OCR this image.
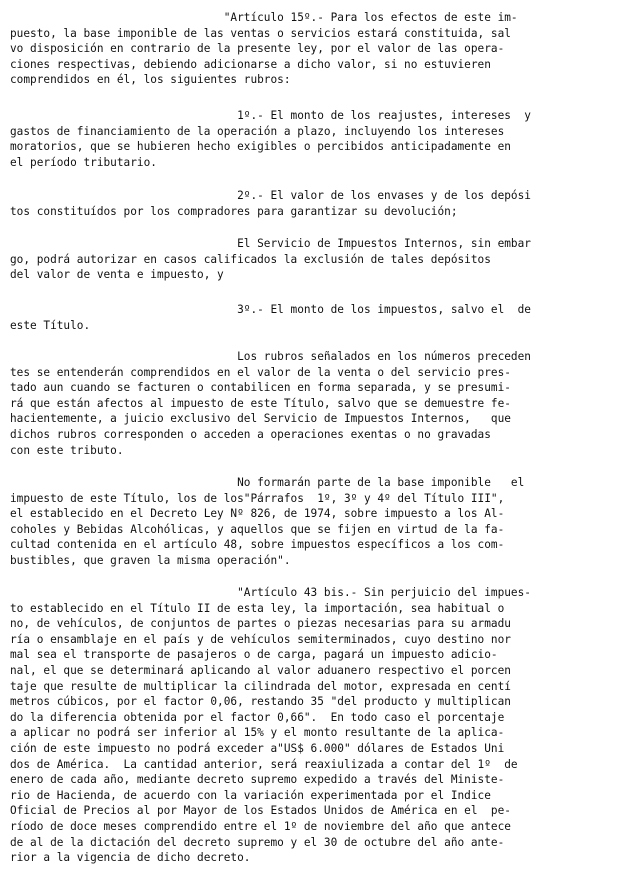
"Artículo 15º.- Para los efectos de este im-
puesto, la base imponible de las ventas o servicios estará constituida, sal
vo disposición en contrario de la presente ley, por el valor de las opera-
ciones respectivas, debiendo adicionarse a dicho valor, si no estuvieren
comprendidos en él, los siguientes rubros:
1º.- El monto de los reajustes, intereses  y
gastos de financiamiento de la operación a plazo, incluyendo los intereses
moratorios, que se hubieren hecho exigibles o percibidos anticipadamente en
el período tributario.
2º.- El valor de los envases y de los depósi
tos constituídos por los compradores para garantizar su devolución;
El Servicio de Impuestos Internos, sin embar
go, podrá autorizar en casos calificados la exclusión de tales depósitos
del valor de venta e impuesto, y
3º.- El monto de los impuestos, salvo el  de
este Título.
Los rubros señalados en los números preceden
tes se entenderán comprendidos en el valor de la venta o del servicio pres-
tado aun cuando se facturen o contabilicen en forma separada, y se presumi-
rá que están afectos al impuesto de este Título, salvo que se demuestre fe-
hacientemente, a juicio exclusivo del Servicio de Impuestos Internos,   que
dichos rubros corresponden o acceden a operaciones exentas o no gravadas
con este tributo.
No formarán parte de la base imponible   el
impuesto de este Título, los de los"Párrafos  1º, 3º y 4º del Título III",
el establecido en el Decreto Ley Nº 826, de 1974, sobre impuesto a los Al-
coholes y Bebidas Alcohólicas, y aquellos que se fijen en virtud de la fa-
cultad contenida en el artículo 48, sobre impuestos específicos a los com-
bustibles, que graven la misma operación".
"Artículo 43 bis.- Sin perjuicio del impues-
to establecido en el Título II de esta ley, la importación, sea habitual o
no, de vehículos, de conjuntos de partes o piezas necesarias para su armadu
ría o ensamblaje en el país y de vehículos semiterminados, cuyo destino nor
mal sea el transporte de pasajeros o de carga, pagará un impuesto adicio-
nal, el que se determinará aplicando al valor aduanero respectivo el porcen
taje que resulte de multiplicar la cilindrada del motor, expresada en centí
metros cúbicos, por el factor 0,06, restando 35 "del producto y multiplican
do la diferencia obtenida por el factor 0,66".  En todo caso el porcentaje
a aplicar no podrá ser inferior al 15% y el monto resultante de la aplica-
ción de este impuesto no podrá exceder a"US$ 6.000" dólares de Estados Uni
dos de América.  La cantidad anterior, será reaxiulizada a contar del 1º  de
enero de cada año, mediante decreto supremo expedido a través del Ministe-
rio de Hacienda, de acuerdo con la variación experimentada por el Indice
Oficial de Precios al por Mayor de los Estados Unidos de América en el  pe-
ríodo de doce meses comprendido entre el 1º de noviembre del año que antece
de al de la dictación del decreto supremo y el 30 de octubre del año ante-
rior a la vigencia de dicho decreto.
